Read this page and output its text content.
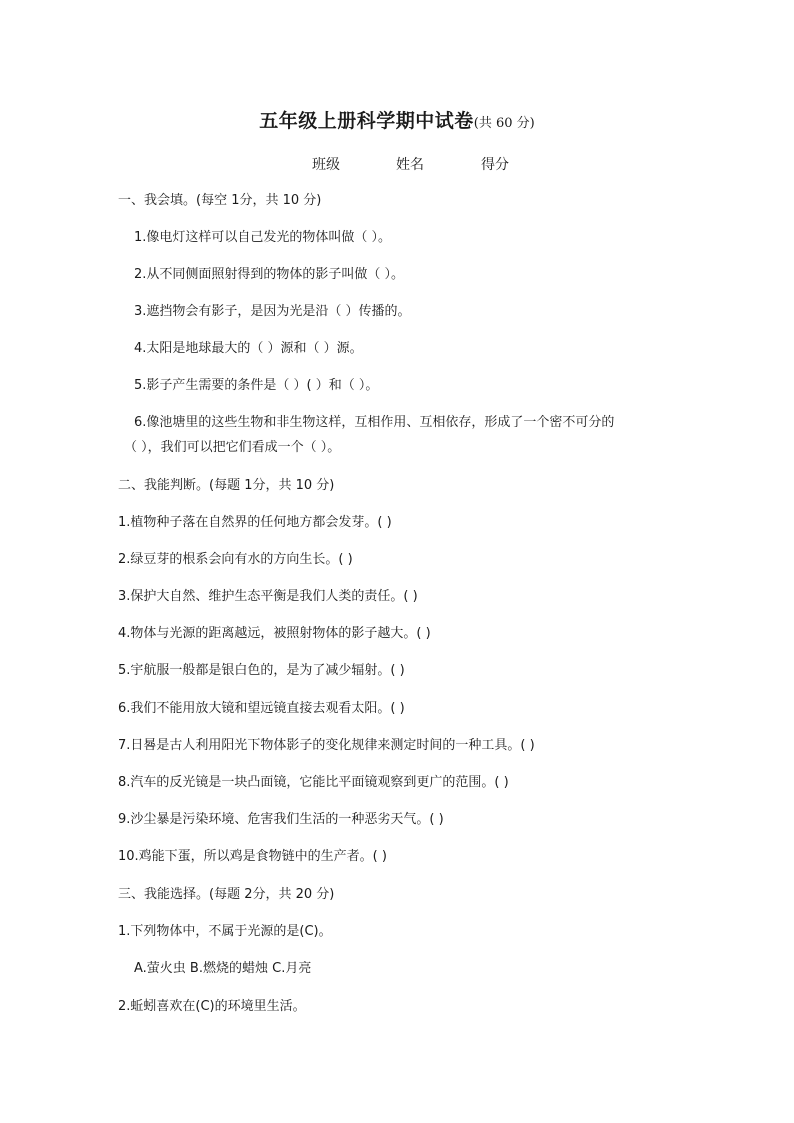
五年级上册科学期中试卷(共 60 分)
班级	姓名	得分
一、我会填。(每空 1分，共 10 分)
1.像电灯这样可以自己发光的物体叫做（ ）。
2.从不同侧面照射得到的物体的影子叫做（ ）。
3.遮挡物会有影子，是因为光是沿（ ）传播的。
4.太阳是地球最大的（ ）源和（ ）源。
5.影子产生需要的条件是（ ）( ）和（ ）。
6.像池塘里的这些生物和非生物这样，互相作用、互相依存，形成了一个密不可分的
（ ），我们可以把它们看成一个（ ）。
二、我能判断。(每题 1分，共 10 分)
1.植物种子落在自然界的任何地方都会发芽。( )
2.绿豆芽的根系会向有水的方向生长。( )
3.保护大自然、维护生态平衡是我们人类的责任。( )
4.物体与光源的距离越远，被照射物体的影子越大。( )
5.宇航服一般都是银白色的，是为了减少辐射。( )
6.我们不能用放大镜和望远镜直接去观看太阳。( )
7.日晷是古人利用阳光下物体影子的变化规律来测定时间的一种工具。( )
8.汽车的反光镜是一块凸面镜，它能比平面镜观察到更广的范围。( )
9.沙尘暴是污染环境、危害我们生活的一种恶劣天气。( )
10.鸡能下蛋，所以鸡是食物链中的生产者。( )
三、我能选择。(每题 2分，共 20 分)
1.下列物体中，不属于光源的是(C)。
A.萤火虫 B.燃烧的蜡烛 C.月亮
2.蚯蚓喜欢在(C)的环境里生活。
